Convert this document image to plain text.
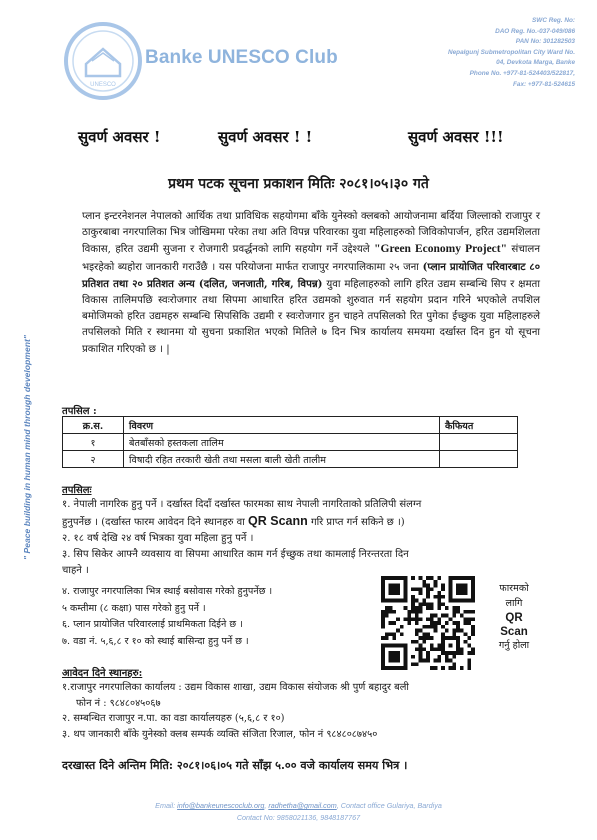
UNESCO
Banke UNESCO Club
SWC Reg. No:
DAO Reg. No.-037-049/086
PAN No: 301282503
Nepalgunj Submetropolitan City Ward No.
04, Devkota Marga, Banke
Phone No. +977-81-524403/522817,
Fax: +977-81-524615
" Peace building in human mind through development"
सुवर्ण अवसर !	सुवर्ण अवसर ! !	सुवर्ण अवसर !!!
प्रथम पटक सूचना प्रकाशन मितिः २०८१।०५।३० गते
प्लान इन्टरनेशनल नेपालको आर्थिक तथा प्राविधिक सहयोगमा बाँके युनेस्को क्लबको आयोजनामा बर्दिया जिल्लाको राजापुर र ठाकुरबाबा नगरपालिका भित्र जोखिममा परेका तथा अति विपन्न परिवारका युवा महिलाहरुको जिविकोपार्जन, हरित उद्यमशिलता विकास, हरित उद्यमी सुजना र रोजगारी प्रवर्द्धनको लागि सहयोग गर्ने उद्देश्यले "Green Economy Project" संचालन भइरहेको ब्यहोरा जानकारी गराउँछै । यस परियोजना मार्फत राजापुर नगरपालिकामा २५ जना (प्लान प्रायोजित परिवारबाट ८० प्रतिशत तथा २० प्रतिशत अन्य (दलित, जनजाती, गरिब, विपन्न) युवा महिलाहरुको लागि हरित उद्यम सम्बन्धि सिप र क्षमता विकास तालिमपछि स्वःरोजगार तथा सिपमा आधारित हरित उद्यमको शुरुवात गर्न सहयोग प्रदान गरिने भएकोले तपशिल बमोजिमको हरित उद्यमहरु सम्बन्धि सिपसिकि उद्यमी र स्वःरोजगार हुन चाहने तपसिलको रित पुगेका ईच्छुक युवा महिलाहरुले तपसिलको मिति र स्थानमा यो सुचना प्रकाशित भएको मितिले ७ दिन भित्र कार्यालय समयमा दर्खास्त दिन हुन यो सूचना प्रकाशित गरिएको छ । |
तपसिल :
क्र.स.	विवरण	कैफियत
१	बेतबाँसको हस्तकला तालिम	
२	विषादी रहित तरकारी खेती तथा मसला बाली खेती तालीम	
तपसिलः
१. नेपाली नागरिक हुनु पर्ने । दर्खास्त दिदाँ दर्खास्त फारमका साथ नेपाली नागरिताको प्रतिलिपी संलग्न
हुनुपर्नेछ । (दर्खास्त फारम आवेदन दिने स्थानहरु वा QR Scann गरि प्राप्त गर्न सकिने छ ।)
२. १८ वर्ष देखि २४ वर्ष भित्रका युवा महिला हुनु पर्ने ।
३. सिप सिकेर आफ्नै व्यवसाय वा सिपमा आधारित काम गर्न ईच्छुक तथा कामलाई निरन्तरता दिन
चाहने ।
४. राजापुर नगरपालिका भित्र स्थाई बसोवास गरेको हुनुपर्नेछ ।
५ कम्तीमा (८ कक्षा) पास गरेको हुनु पर्ने ।
६. प्लान प्रायोजित परिवारलाई प्राथमिकता दिईने छ ।
७. वडा नं. ५,६,८ र १० को स्थाई बासिन्दा हुनु पर्ने छ ।
फारमको
लागि
QR
Scan
गर्नु होला
आवेदन दिने स्थानहरु:
१.राजापुर नगरपालिका कार्यालय : उद्यम विकास शाखा, उद्यम विकास संयोजक श्री पुर्ण बहादुर बली
फोन नं : ९८४८०४५०६७
२. सम्बन्धित राजापुर न.पा. का वडा कार्यालयहरु (५,६,८ र १०)
३. थप जानकारी बाँके युनेस्को क्लब सम्पर्क व्यक्ति संजिता रिजाल, फोन नं ९८४८०८७४५०
दरखास्त दिने अन्तिम मिति: २०८१।०६।०५ गते साँझ ५.०० वजे कार्यालय समय भित्र ।
Email: info@bankeunescoclub.org, radhetha@gmail.com, Contact office Gulariya, Bardiya
Contact No: 9858021136, 9848187767
